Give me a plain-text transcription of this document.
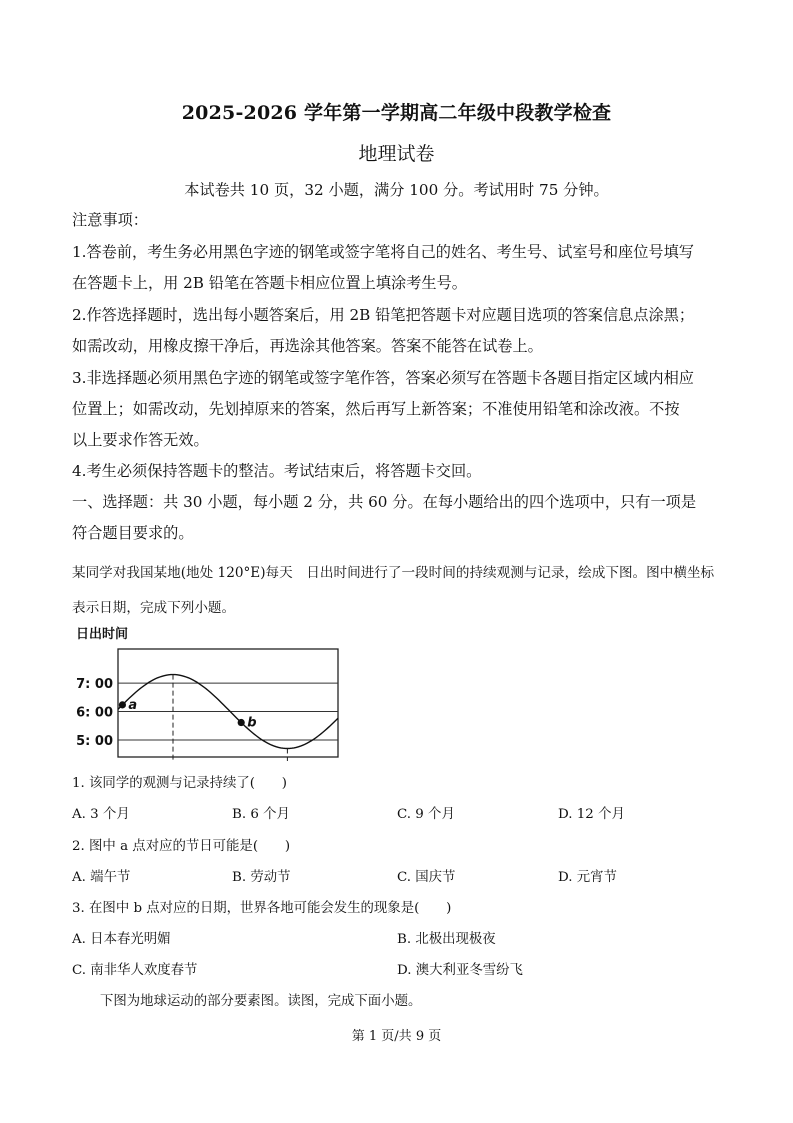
2025-2026 学年第一学期高二年级中段教学检查
地理试卷
本试卷共 10 页，32 小题，满分 100 分。考试用时 75 分钟。
注意事项：
1.答卷前，考生务必用黑色字迹的钢笔或签字笔将自己的姓名、考生号、试室号和座位号填写
在答题卡上，用 2B 铅笔在答题卡相应位置上填涂考生号。
2.作答选择题时，选出每小题答案后，用 2B 铅笔把答题卡对应题目选项的答案信息点涂黑；
如需改动，用橡皮擦干净后，再选涂其他答案。答案不能答在试卷上。
3.非选择题必须用黑色字迹的钢笔或签字笔作答，答案必须写在答题卡各题目指定区域内相应
位置上；如需改动，先划掉原来的答案，然后再写上新答案；不准使用铅笔和涂改液。不按
以上要求作答无效。
4.考生必须保持答题卡的整洁。考试结束后，将答题卡交回。
一、选择题：共 30 小题，每小题 2 分，共 60 分。在每小题给出的四个选项中，只有一项是
符合题目要求的。
某同学对我国某地(地处 120°E)每天　日出时间进行了一段时间的持续观测与记录，绘成下图。图中横坐标
表示日期，完成下列小题。
日出时间
7: 00
6: 00
5: 00
a
b
1. 该同学的观测与记录持续了(　　)
A. 3 个月	B. 6 个月	C. 9 个月	D. 12 个月
2. 图中 a 点对应的节日可能是(　　)
A. 端午节	B. 劳动节	C. 国庆节	D. 元宵节
3. 在图中 b 点对应的日期，世界各地可能会发生的现象是(　　)
A. 日本春光明媚	B. 北极出现极夜
C. 南非华人欢度春节	D. 澳大利亚冬雪纷飞
下图为地球运动的部分要素图。读图，完成下面小题。
第 1 页/共 9 页
